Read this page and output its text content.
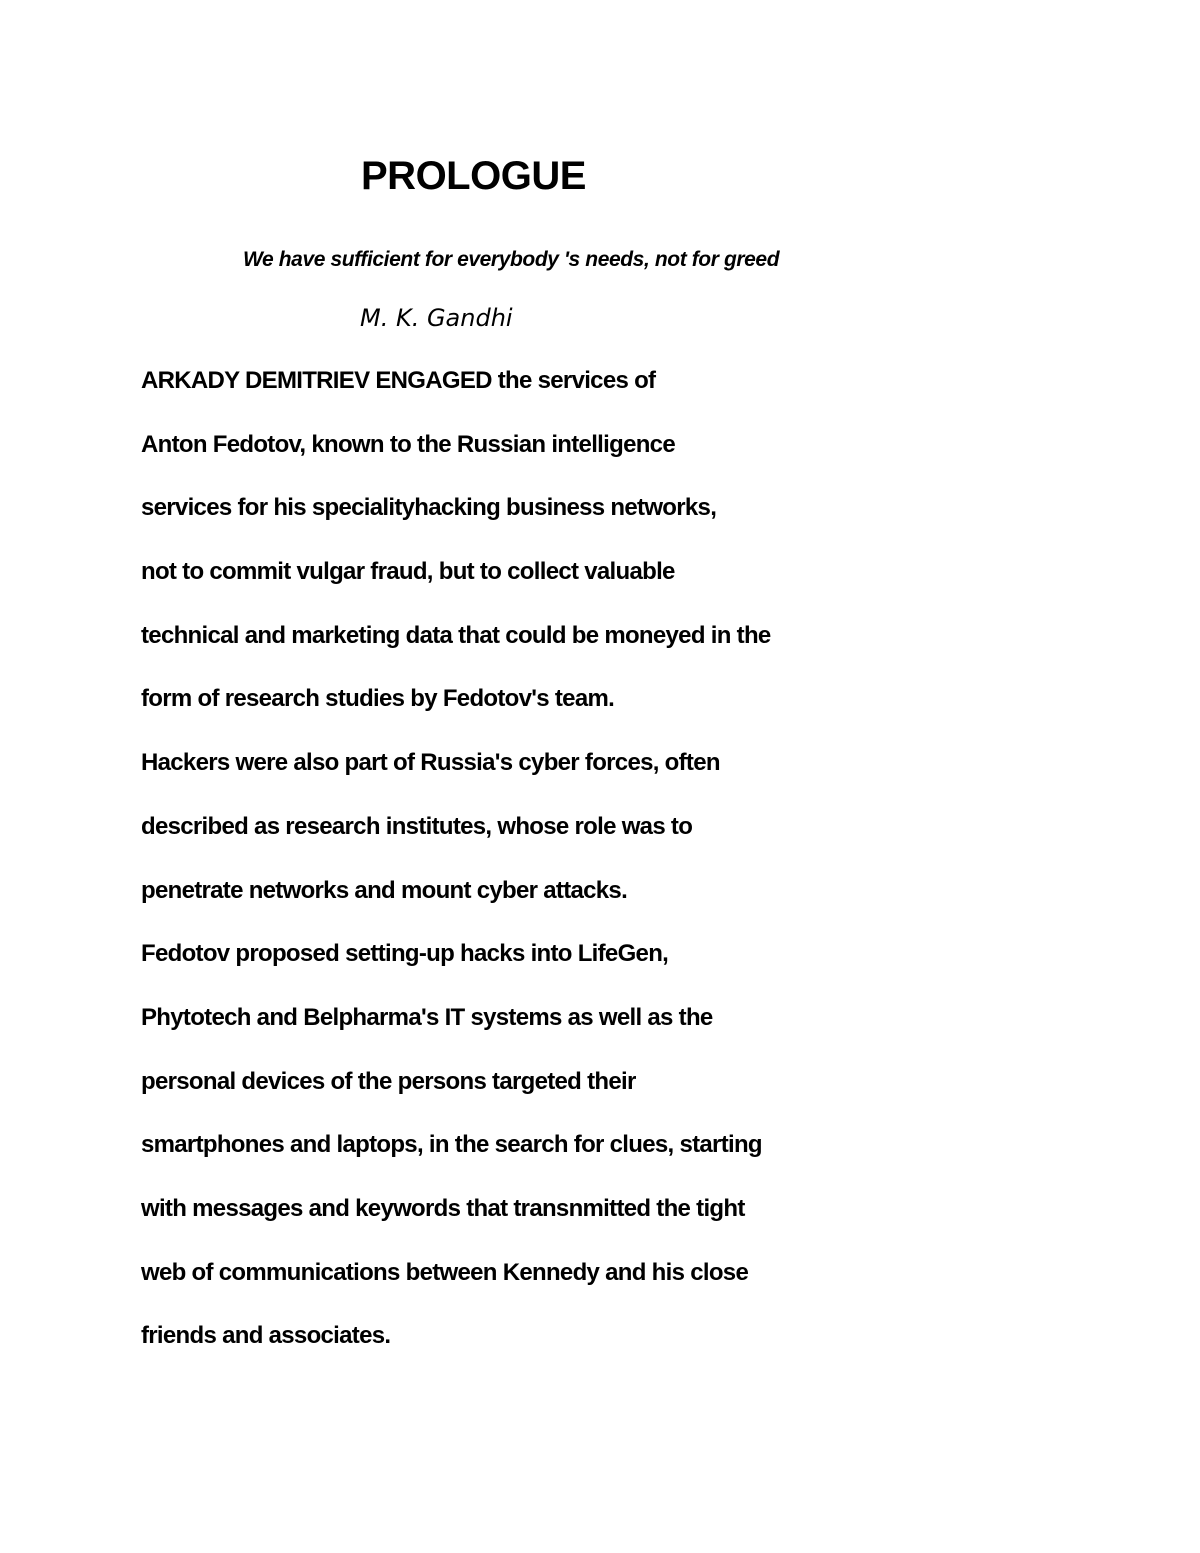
PROLOGUE
We have sufficient for everybody 's needs, not for greed
M. K. Gandhi
ARKADY DEMITRIEV ENGAGED the services of
Anton Fedotov, known to the Russian intelligence
services for his specialityhacking business networks,
not to commit vulgar fraud, but to collect valuable
technical and marketing data that could be moneyed in the
form of research studies by Fedotov's team.
Hackers were also part of Russia's cyber forces, often
described as research institutes, whose role was to
penetrate networks and mount cyber attacks.
Fedotov proposed setting-up hacks into LifeGen,
Phytotech and Belpharma's IT systems as well as the
personal devices of the persons targeted their
smartphones and laptops, in the search for clues, starting
with messages and keywords that transnmitted the tight
web of communications between Kennedy and his close
friends and associates.
